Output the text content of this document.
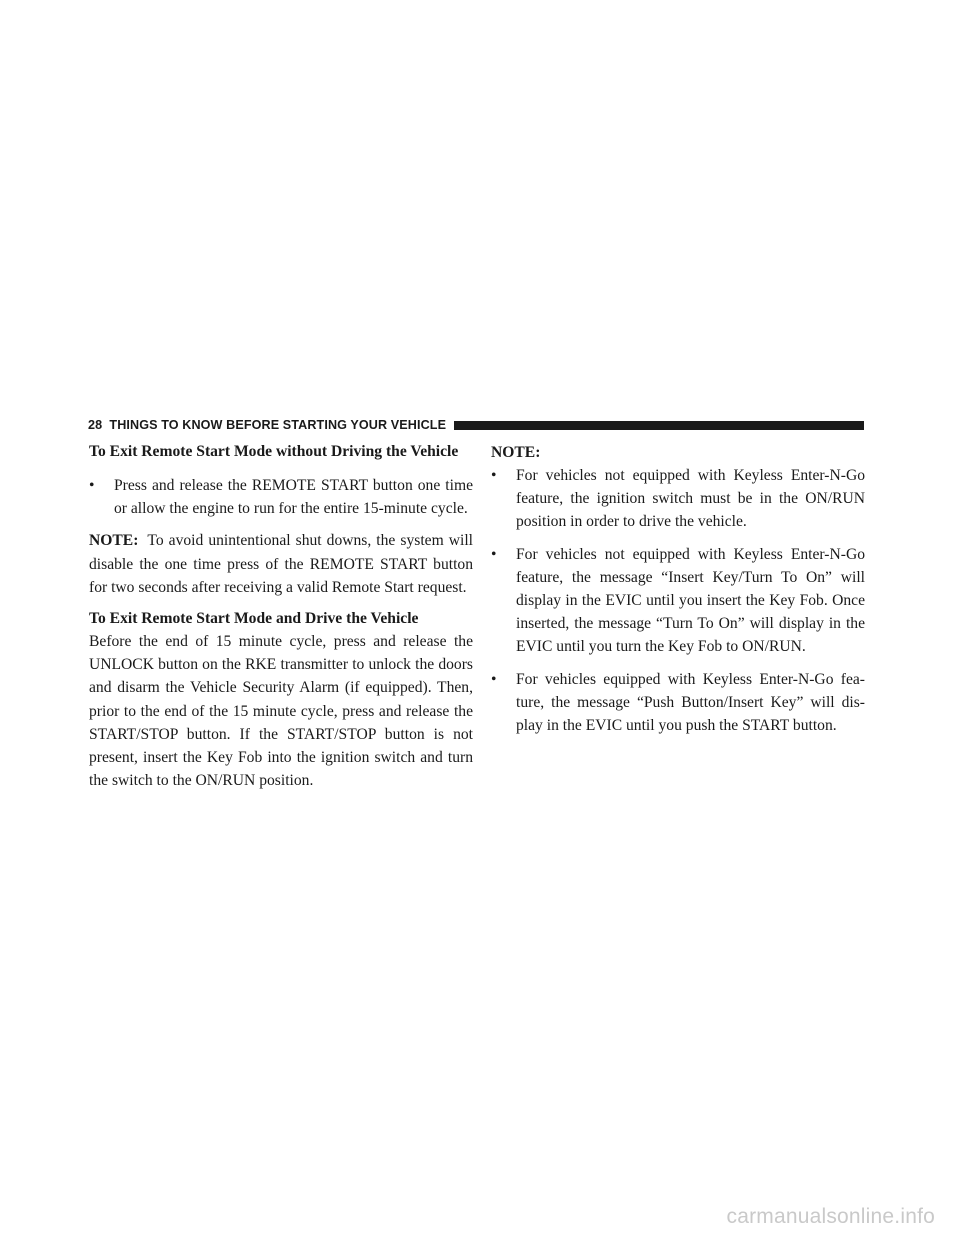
28 THINGS TO KNOW BEFORE STARTING YOUR VEHICLE

To Exit Remote Start Mode without Driving the Vehicle

•	Press and release the REMOTE START button one time or allow the engine to run for the entire 15-minute cycle.

NOTE: To avoid unintentional shut downs, the system will disable the one time press of the REMOTE START button for two seconds after receiving a valid Remote Start request.

To Exit Remote Start Mode and Drive the Vehicle

Before the end of 15 minute cycle, press and release the UNLOCK button on the RKE transmitter to unlock the doors and disarm the Vehicle Security Alarm (if equipped). Then, prior to the end of the 15 minute cycle, press and release the START/STOP button. If the START/STOP button is not present, insert the Key Fob into the ignition switch and turn the switch to the ON/RUN position.

NOTE:

•	For vehicles not equipped with Keyless Enter-N-Go feature, the ignition switch must be in the ON/RUN position in order to drive the vehicle.

•	For vehicles not equipped with Keyless Enter-N-Go feature, the message “Insert Key/Turn To On” will display in the EVIC until you insert the Key Fob. Once inserted, the message “Turn To On” will display in the EVIC until you turn the Key Fob to ON/RUN.

•	For vehicles equipped with Keyless Enter-N-Go fea- ture, the message “Push Button/Insert Key” will dis- play in the EVIC until you push the START button.

carmanualsonline.info
